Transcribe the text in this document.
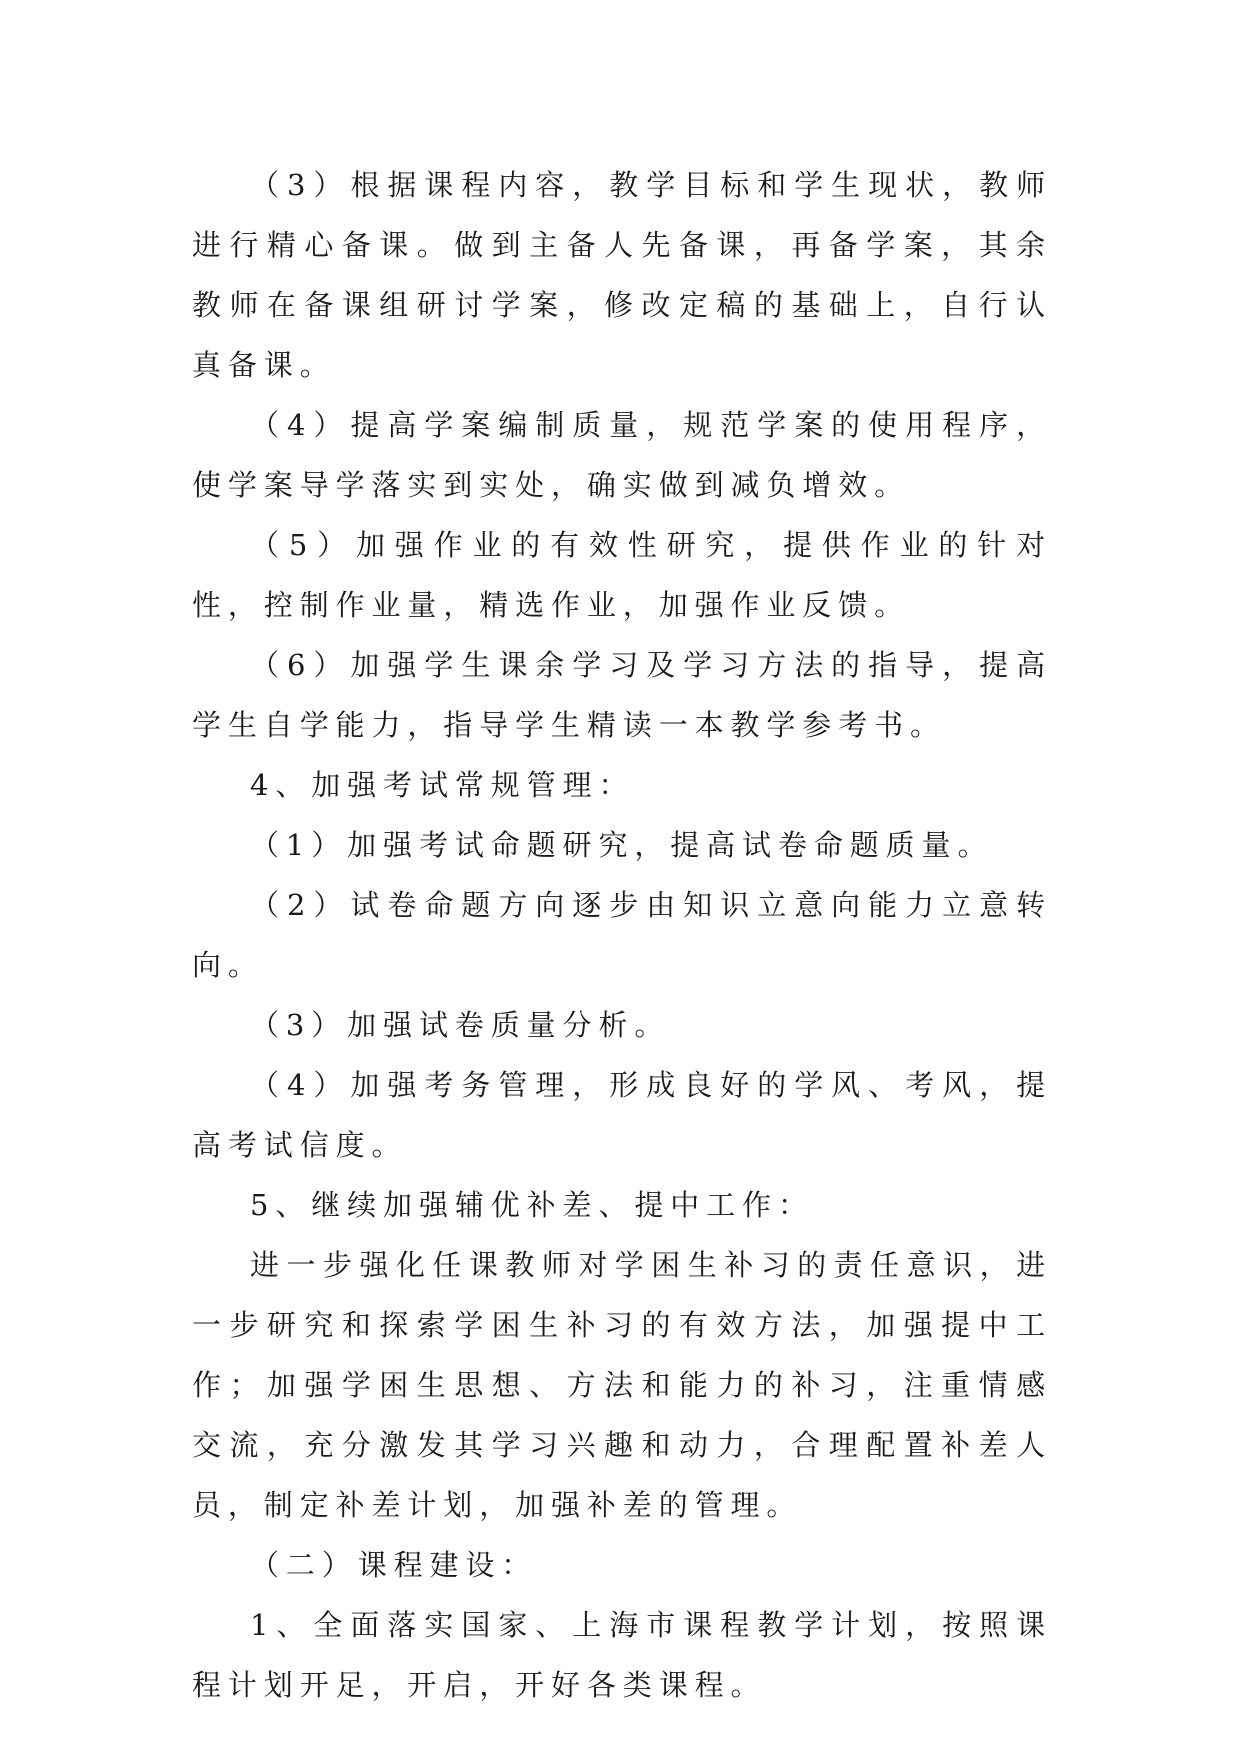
（3）根据课程内容，教学目标和学生现状，教师进行精心备课。做到主备人先备课，再备学案，其余教师在备课组研讨学案，修改定稿的基础上，自行认真备课。

（4）提高学案编制质量，规范学案的使用程序，使学案导学落实到实处，确实做到减负增效。

（5）加强作业的有效性研究，提供作业的针对性，控制作业量，精选作业，加强作业反馈。

（6）加强学生课余学习及学习方法的指导，提高学生自学能力，指导学生精读一本教学参考书。

4、加强考试常规管理：

（1）加强考试命题研究，提高试卷命题质量。

（2）试卷命题方向逐步由知识立意向能力立意转向。

（3）加强试卷质量分析。

（4）加强考务管理，形成良好的学风、考风，提高考试信度。

5、继续加强辅优补差、提中工作：

进一步强化任课教师对学困生补习的责任意识，进一步研究和探索学困生补习的有效方法，加强提中工作；加强学困生思想、方法和能力的补习，注重情感交流，充分激发其学习兴趣和动力，合理配置补差人员，制定补差计划，加强补差的管理。

（二）课程建设：

1、全面落实国家、上海市课程教学计划，按照课程计划开足，开启，开好各类课程。
